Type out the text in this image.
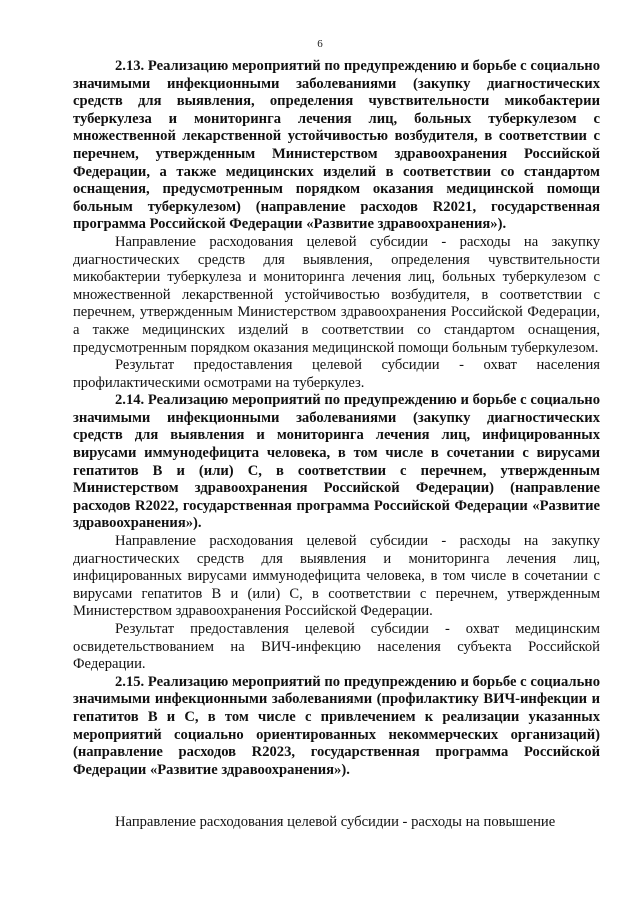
6

2.13. Реализацию мероприятий по предупреждению и борьбе с социально значимыми инфекционными заболеваниями (закупку диагностических средств для выявления, определения чувствительности микобактерии туберкулеза и мониторинга лечения лиц, больных туберкулезом с множественной лекарственной устойчивостью возбудителя, в соответствии с перечнем, утвержденным Министерством здравоохранения Российской Федерации, а также медицинских изделий в соответствии со стандартом оснащения, предусмотренным порядком оказания медицинской помощи больным туберкулезом) (направление расходов R2021, государственная программа Российской Федерации «Развитие здравоохранения»).

Направление расходования целевой субсидии - расходы на закупку диагностических средств для выявления, определения чувствительности микобактерии туберкулеза и мониторинга лечения лиц, больных туберкулезом с множественной лекарственной устойчивостью возбудителя, в соответствии с перечнем, утвержденным Министерством здравоохранения Российской Федерации, а также медицинских изделий в соответствии со стандартом оснащения, предусмотренным порядком оказания медицинской помощи больным туберкулезом.

Результат предоставления целевой субсидии - охват населения профилактическими осмотрами на туберкулез.

2.14. Реализацию мероприятий по предупреждению и борьбе с социально значимыми инфекционными заболеваниями (закупку диагностических средств для выявления и мониторинга лечения лиц, инфицированных вирусами иммунодефицита человека, в том числе в сочетании с вирусами гепатитов В и (или) С, в соответствии с перечнем, утвержденным Министерством здравоохранения Российской Федерации) (направление расходов R2022, государственная программа Российской Федерации «Развитие здравоохранения»).

Направление расходования целевой субсидии - расходы на закупку диагностических средств для выявления и мониторинга лечения лиц, инфицированных вирусами иммунодефицита человека, в том числе в сочетании с вирусами гепатитов В и (или) С, в соответствии с перечнем, утвержденным Министерством здравоохранения Российской Федерации.

Результат предоставления целевой субсидии - охват медицинским освидетельствованием на ВИЧ-инфекцию населения субъекта Российской Федерации.

2.15. Реализацию мероприятий по предупреждению и борьбе с социально значимыми инфекционными заболеваниями (профилактику ВИЧ-инфекции и гепатитов В и С, в том числе с привлечением к реализации указанных мероприятий социально ориентированных некоммерческих организаций) (направление расходов R2023, государственная программа Российской Федерации «Развитие здравоохранения»).

Направление расходования целевой субсидии - расходы на повышение
